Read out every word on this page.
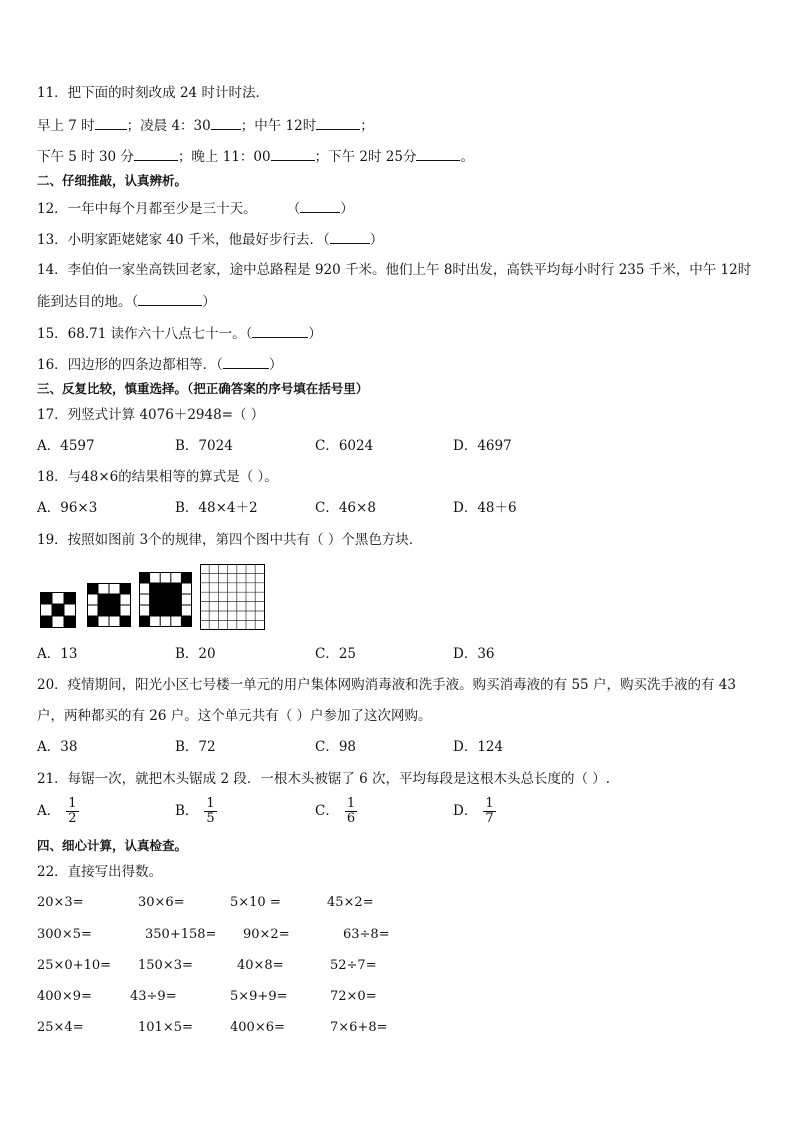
11．把下面的时刻改成 24 时计时法．
早上 7 时 ；凌晨 4：30 ；中午 12时	；
下午 5 时 30 分	；晚上 11：00	；下午 2时 25分	。
二、仔细推敲，认真辨析。
12．一年中每个月都至少是三十天。 （	）
13．小明家距姥姥家 40 千米，他最好步行去．（	）
14．李伯伯一家坐高铁回老家，途中总路程是 920 千米。他们上午 8时出发，高铁平均每小时行 235 千米，中午 12时
能到达目的地。（	）
15．68.71 读作六十八点七十一。（	）
16．四边形的四条边都相等．（	）
三、反复比较，慎重选择。（把正确答案的序号填在括号里）
17．列竖式计算 4076＋2948=（ ）
A．4597	B．7024	C．6024	D．4697
18．与48×6的结果相等的算式是（ ）。
A．96×3	B．48×4＋2	C．46×8	D．48＋6
19．按照如图前 3个的规律，第四个图中共有（ ）个黑色方块．
A．13	B．20	C．25	D．36
20．疫情期间，阳光小区七号楼一单元的用户集体网购消毒液和洗手液。购买消毒液的有 55 户，购买洗手液的有 43
户，两种都买的有 26 户。这个单元共有（ ）户参加了这次网购。
A．38	B．72	C．98	D．124
21．每锯一次，就把木头锯成 2 段．一根木头被锯了 6 次，平均每段是这根木头总长度的（ ）.
A． $\frac{1}{2}$	B． $\frac{1}{5}$	C． $\frac{1}{6}$	D． $\frac{1}{7}$
四、细心计算，认真检查。
22．直接写出得数。
20×3=	30×6=	5×10 =	45×2=
300×5=	350+158= 90×2=	63÷8=
25×0+10= 150×3=	40×8=	52÷7=
400×9=	43÷9=	5×9+9=	72×0=
25×4=	101×5=	400×6=	7×6+8=
